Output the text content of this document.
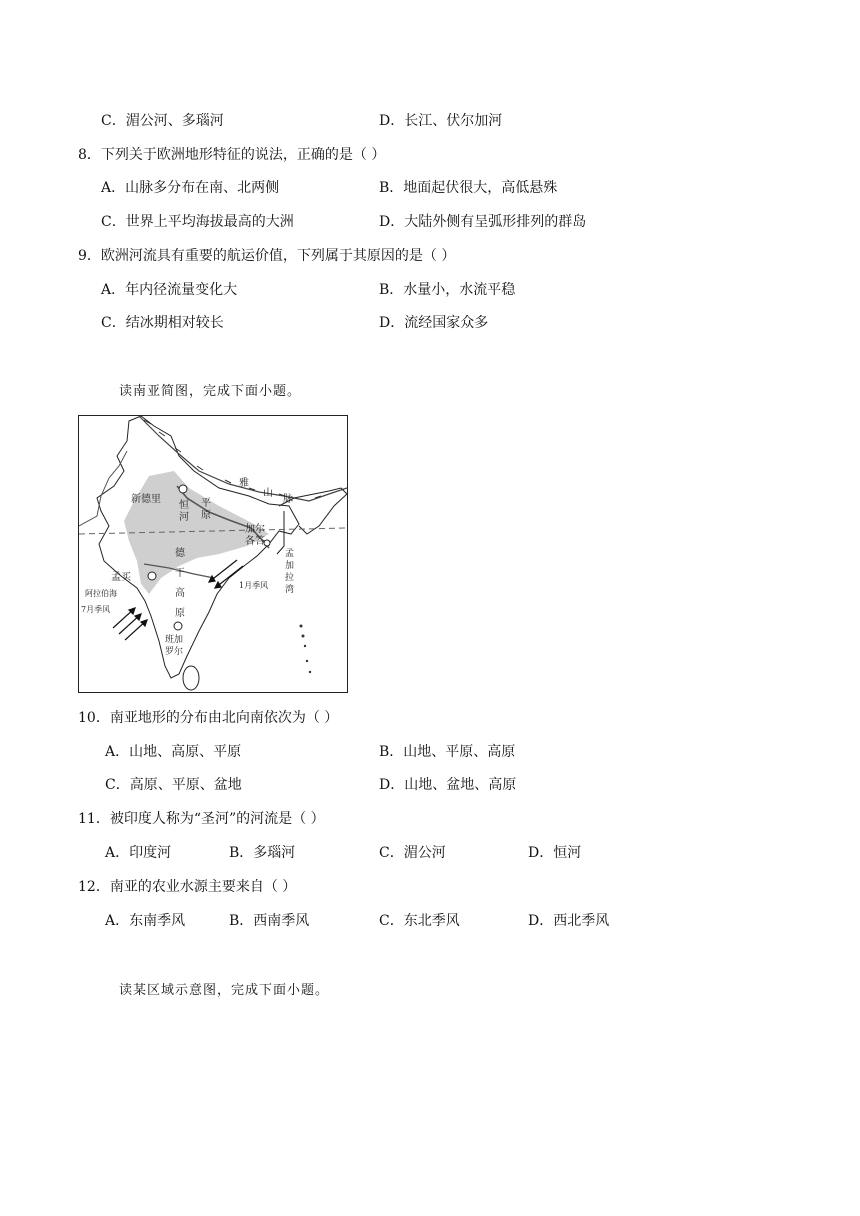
C．湄公河、多瑙河	D．长江、伏尔加河
8．下列关于欧洲地形特征的说法，正确的是（ ）
A．山脉多分布在南、北两侧	B．地面起伏很大，高低悬殊
C．世界上平均海拔最高的大洲	D．大陆外侧有呈弧形排列的群岛
9．欧洲河流具有重要的航运价值，下列属于其原因的是（ ）
A．年内径流量变化大	B．水量小，水流平稳
C．结冰期相对较长	D．流经国家众多
读南亚简图，完成下面小题。
新德里
恒
河
平
原
雅
山
脉
加尔
各答
德
干
高
原
孟买
阿拉伯海
7月季风
1月季风
孟
加
拉
湾
班加
罗尔
10．南亚地形的分布由北向南依次为（ ）
A．山地、高原、平原	B．山地、平原、高原
C．高原、平原、盆地	D．山地、盆地、高原
11．被印度人称为“圣河”的河流是（ ）
A．印度河	B．多瑙河	C．湄公河	D．恒河
12．南亚的农业水源主要来自（ ）
A．东南季风	B．西南季风	C．东北季风	D．西北季风
读某区域示意图，完成下面小题。
